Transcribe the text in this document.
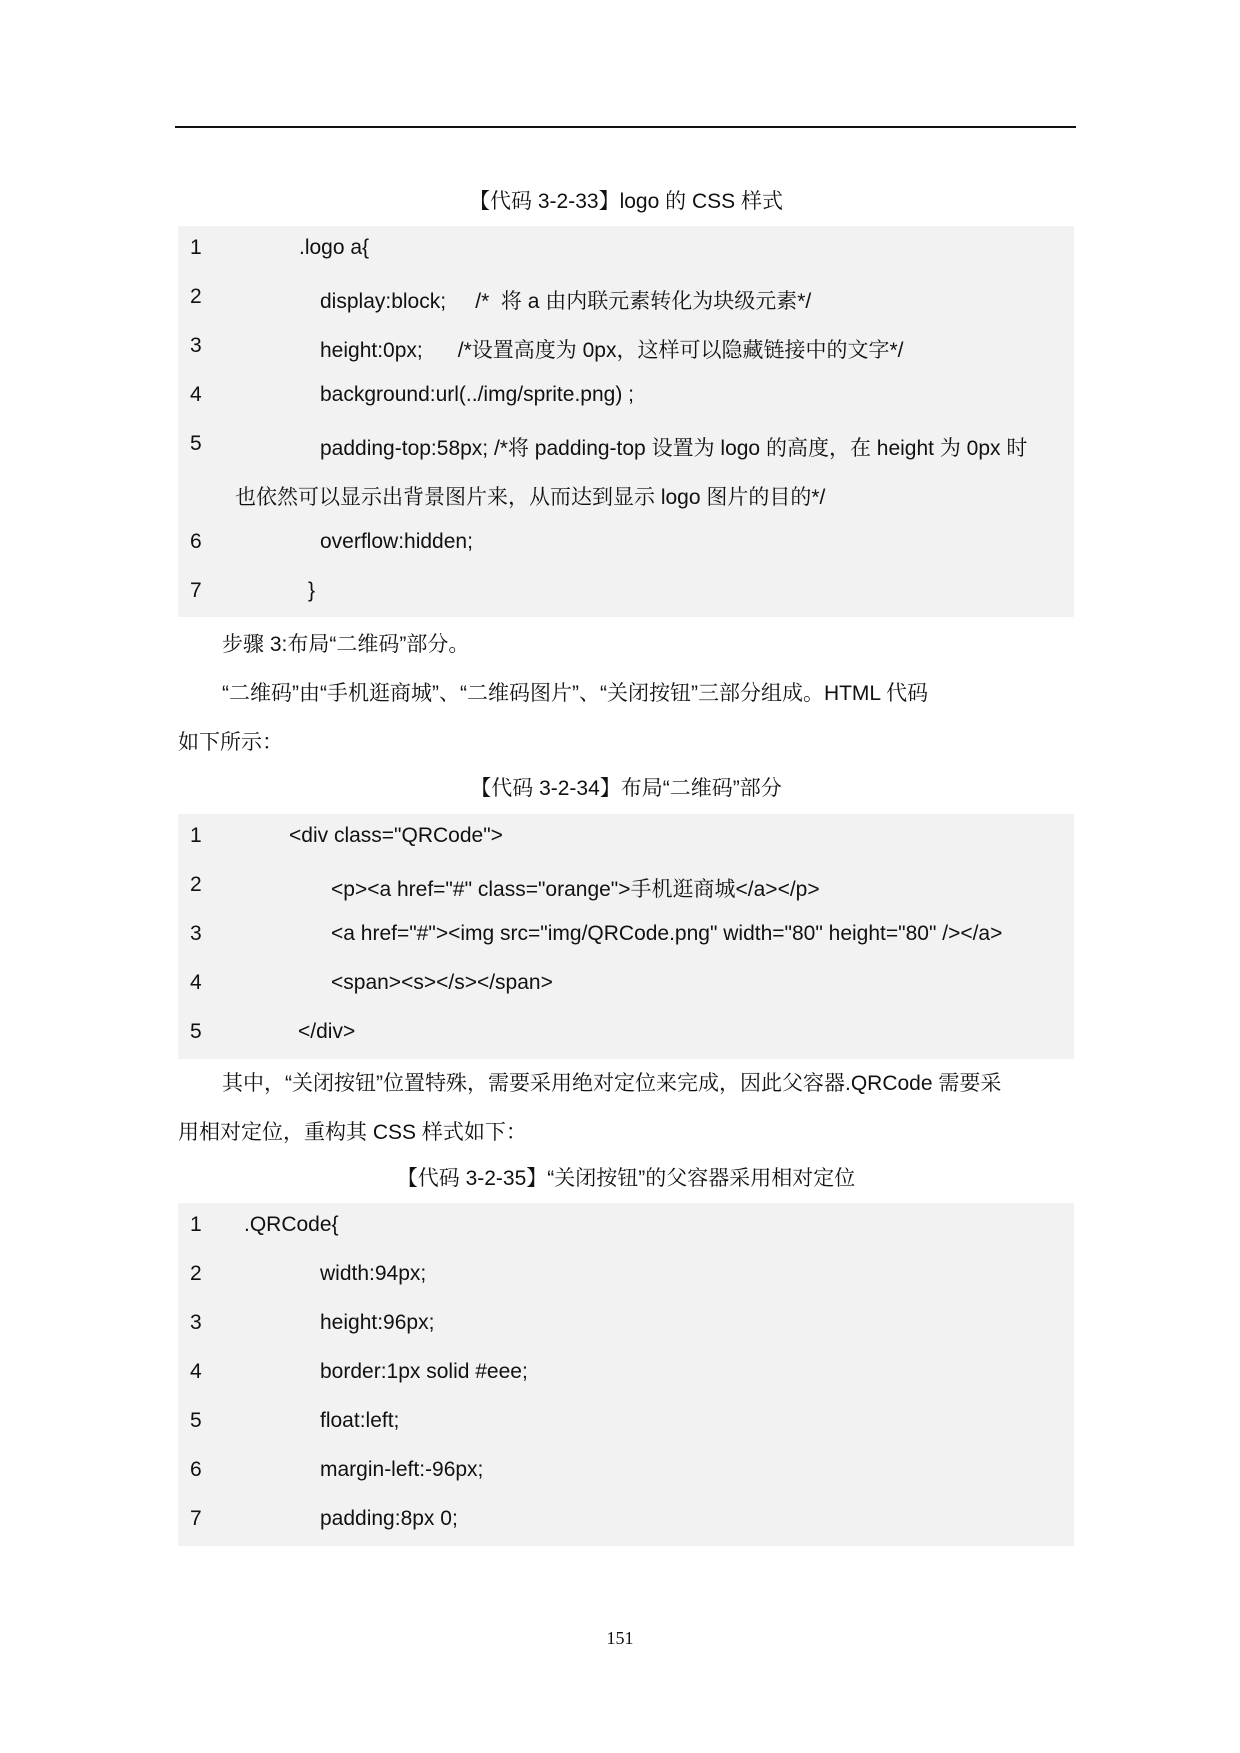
【代码 3-2-33】logo 的 CSS 样式
1	.logo a{
2	display:block;     /*  将 a 由内联元素转化为块级元素*/
3	height:0px;      /*设置高度为 0px，这样可以隐藏链接中的文字*/
4	background:url(../img/sprite.png) ;
5	padding-top:58px; /*将 padding-top 设置为 logo 的高度，在 height 为 0px 时
也依然可以显示出背景图片来，从而达到显示 logo 图片的目的*/
6	overflow:hidden;
7	}
步骤 3:布局“二维码”部分。
“二维码”由“手机逛商城”、“二维码图片”、“关闭按钮”三部分组成。HTML 代码
如下所示：
【代码 3-2-34】布局“二维码”部分
1	<div class="QRCode">
2	<p><a href="#" class="orange">手机逛商城</a></p>
3	<a href="#"><img src="img/QRCode.png" width="80" height="80" /></a>
4	<span><s></s></span>
5	</div>
其中，“关闭按钮”位置特殊，需要采用绝对定位来完成，因此父容器.QRCode 需要采
用相对定位，重构其 CSS 样式如下：
【代码 3-2-35】“关闭按钮”的父容器采用相对定位
1 .QRCode{
2	width:94px;
3	height:96px;
4	border:1px solid #eee;
5	float:left;
6	margin-left:-96px;
7	padding:8px 0;
151
